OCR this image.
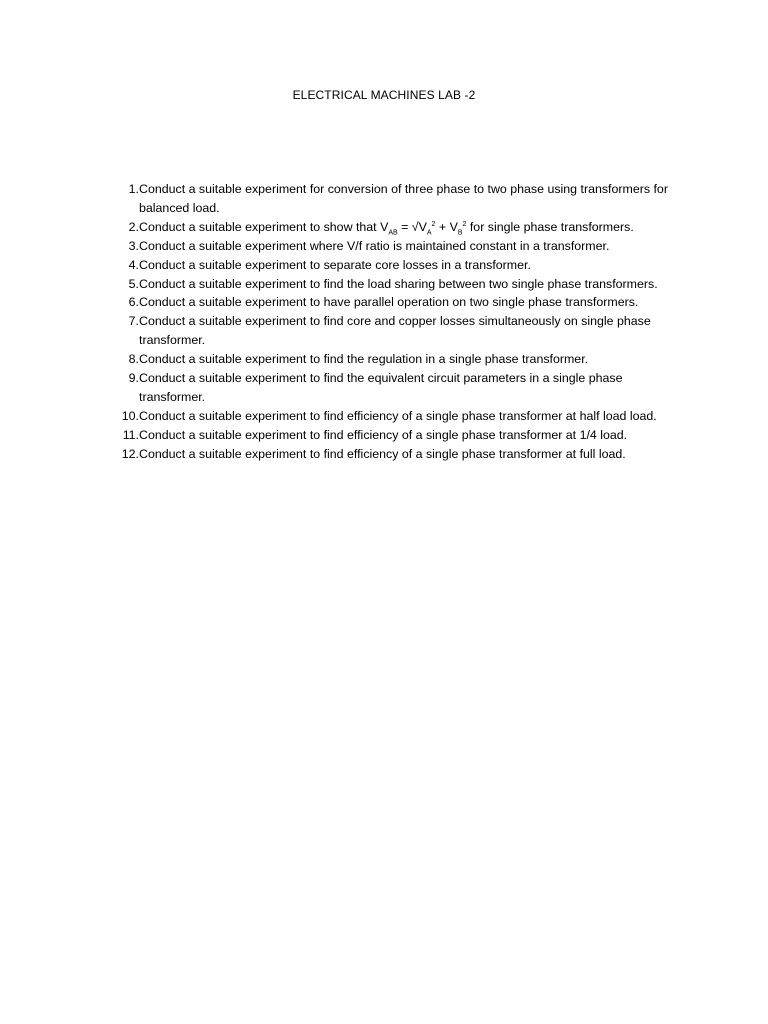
ELECTRICAL MACHINES LAB -2
1. Conduct a suitable experiment for conversion of three phase to two phase using transformers for balanced load.
2. Conduct a suitable experiment to show that $V_{AB} = √V_A^2 + V_B^2$ for single phase transformers.
3. Conduct a suitable experiment where V/f ratio is maintained constant in a transformer.
4. Conduct a suitable experiment to separate core losses in a transformer.
5. Conduct a suitable experiment to find the load sharing between two single phase transformers.
6. Conduct a suitable experiment to have parallel operation on two single phase transformers.
7. Conduct a suitable experiment to find core and copper losses simultaneously on single phase transformer.
8. Conduct a suitable experiment to find the regulation in a single phase transformer.
9. Conduct a suitable experiment to find the equivalent circuit parameters in a single phase transformer.
10. Conduct a suitable experiment to find efficiency of a single phase transformer at half load load.
11. Conduct a suitable experiment to find efficiency of a single phase transformer at 1/4 load.
12. Conduct a suitable experiment to find efficiency of a single phase transformer at full load.
